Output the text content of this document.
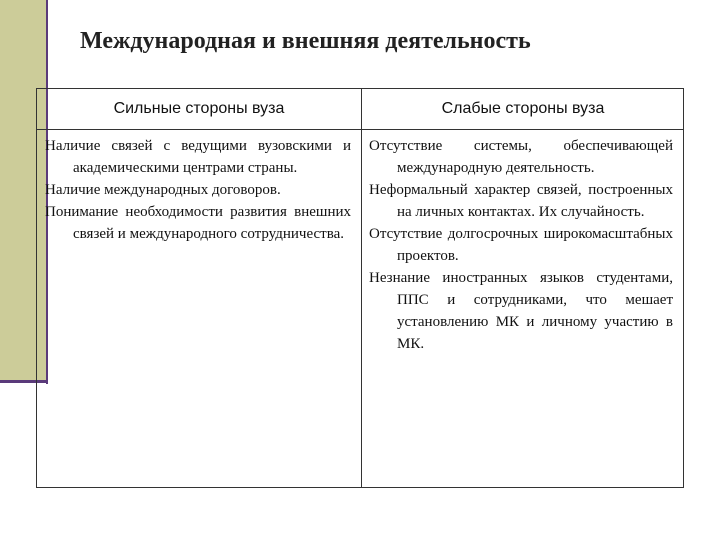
Международная и внешняя деятельность
Сильные стороны вуза	Слабые стороны вуза
Наличие связей с ведущими вузовскими и академическими центрами страны.
Наличие международных договоров.
Понимание необходимости развития внешних связей и международного сотрудничества.
Отсутствие системы, обеспечивающей международную деятельность.
Неформальный характер связей, построенных на личных контактах. Их случайность.
Отсутствие долгосрочных широкомасштабных проектов.
Незнание иностранных языков студентами, ППС и сотрудниками, что мешает установлению МК и личному участию в МК.
